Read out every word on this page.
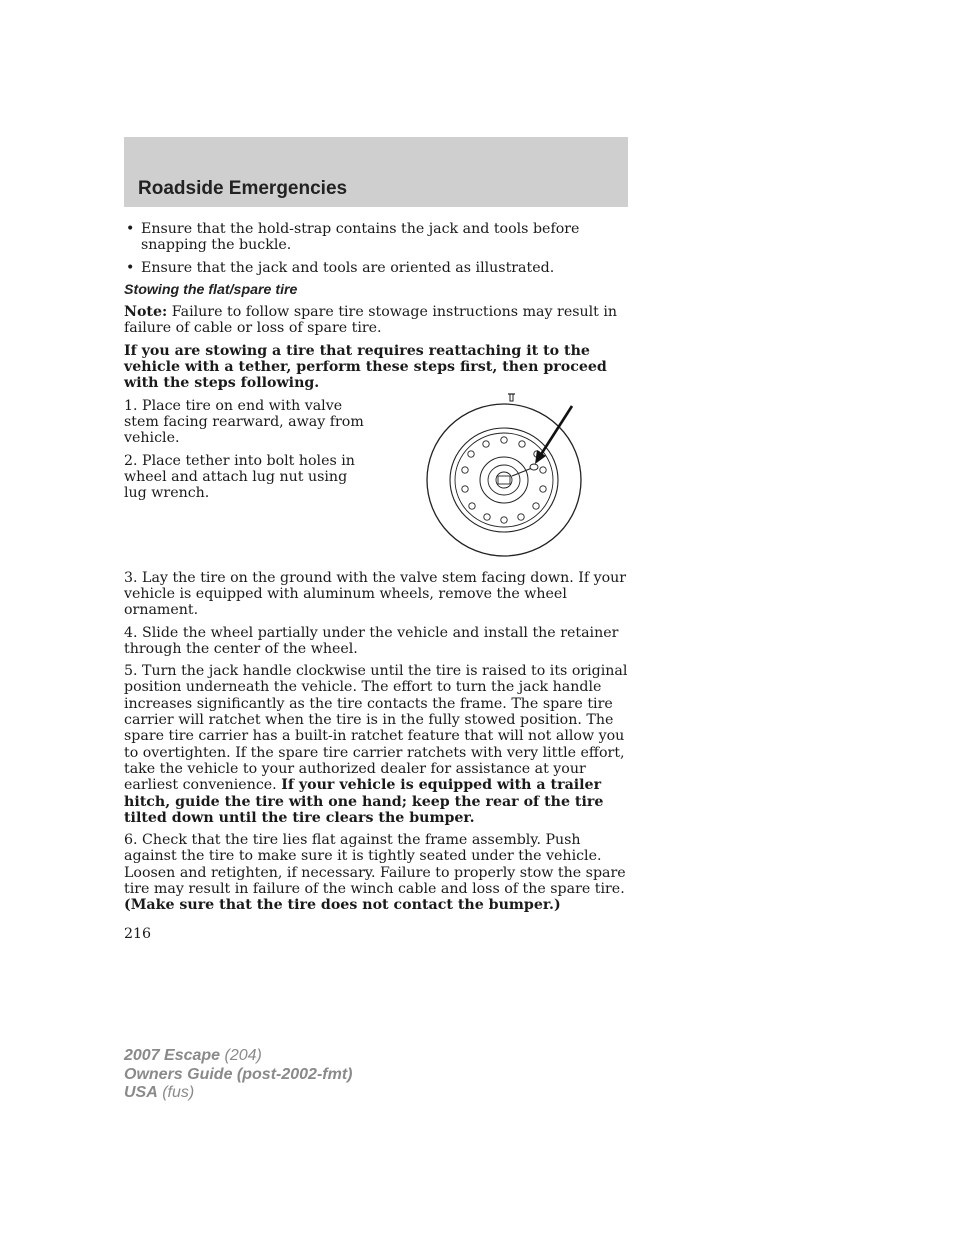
Roadside Emergencies
• Ensure that the hold-strap contains the jack and tools before snapping the buckle.
• Ensure that the jack and tools are oriented as illustrated.
Stowing the flat/spare tire

Note: Failure to follow spare tire stowage instructions may result in failure of cable or loss of spare tire.

If you are stowing a tire that requires reattaching it to the vehicle with a tether, perform these steps first, then proceed with the steps following.

1. Place tire on end with valve stem facing rearward, away from vehicle.

2. Place tether into bolt holes in wheel and attach lug nut using lug wrench.

3. Lay the tire on the ground with the valve stem facing down. If your vehicle is equipped with aluminum wheels, remove the wheel ornament.

4. Slide the wheel partially under the vehicle and install the retainer through the center of the wheel.

5. Turn the jack handle clockwise until the tire is raised to its original position underneath the vehicle. The effort to turn the jack handle increases significantly as the tire contacts the frame. The spare tire carrier will ratchet when the tire is in the fully stowed position. The spare tire carrier has a built-in ratchet feature that will not allow you to overtighten. If the spare tire carrier ratchets with very little effort, take the vehicle to your authorized dealer for assistance at your earliest convenience. If your vehicle is equipped with a trailer hitch, guide the tire with one hand; keep the rear of the tire tilted down until the tire clears the bumper.

6. Check that the tire lies flat against the frame assembly. Push against the tire to make sure it is tightly seated under the vehicle. Loosen and retighten, if necessary. Failure to properly stow the spare tire may result in failure of the winch cable and loss of the spare tire. (Make sure that the tire does not contact the bumper.)

216
2007 Escape (204)
Owners Guide (post-2002-fmt)
USA (fus)
